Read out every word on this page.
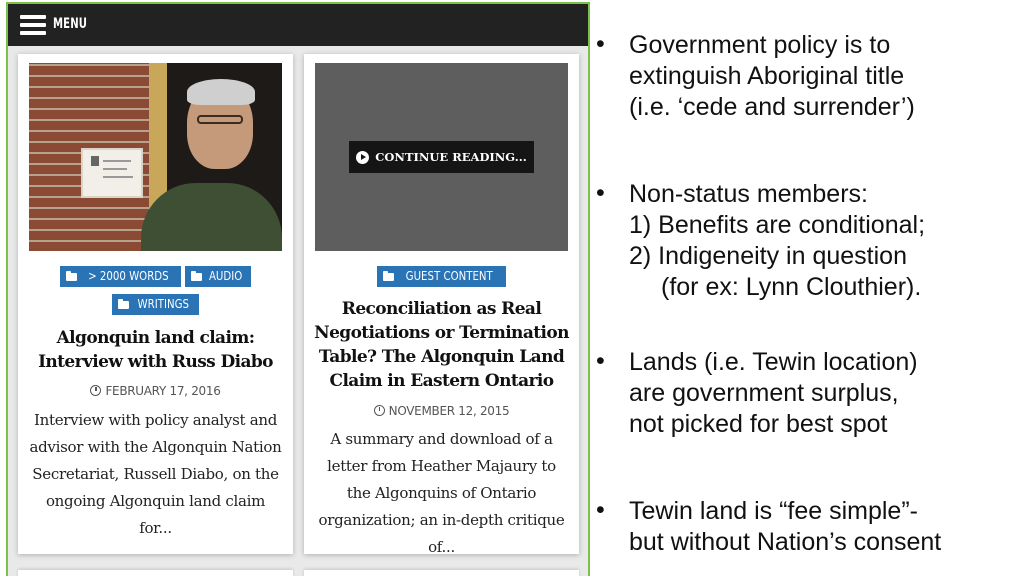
MENU
> 2000 WORDS	AUDIO
WRITINGS
Algonquin land claim: Interview with Russ Diabo
FEBRUARY 17, 2016
Interview with policy analyst and advisor with the Algonquin Nation Secretariat, Russell Diabo, on the ongoing Algonquin land claim for...
CONTINUE READING...
GUEST CONTENT
Reconciliation as Real Negotiations or Termination Table? The Algonquin Land Claim in Eastern Ontario
NOVEMBER 12, 2015
A summary and download of a letter from Heather Majaury to the Algonquins of Ontario organization; an in-depth critique of...
• Government policy is to
extinguish Aboriginal title
(i.e. ‘cede and surrender’)
• Non-status members:
1) Benefits are conditional;
2) Indigeneity in question
(for ex: Lynn Clouthier).
• Lands (i.e. Tewin location)
are government surplus,
not picked for best spot
• Tewin land is “fee simple”-
but without Nation’s consent
